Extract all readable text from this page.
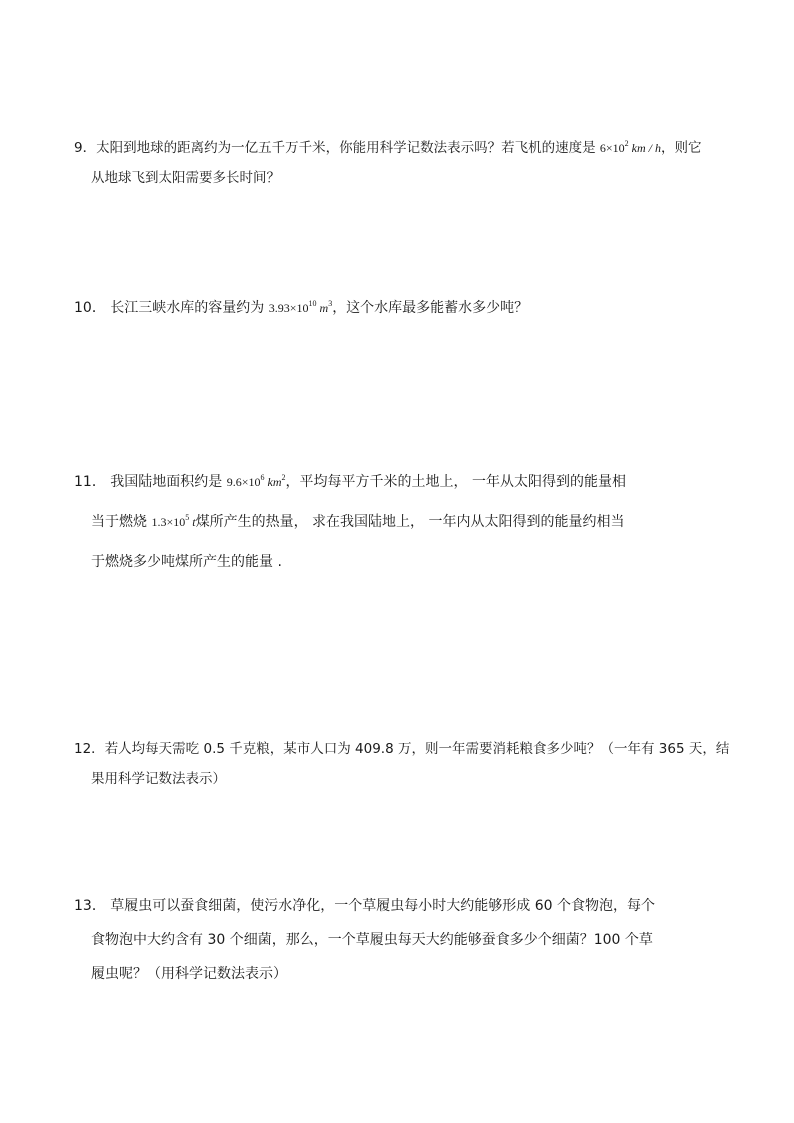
9．太阳到地球的距离约为一亿五千万千米，你能用科学记数法表示吗？若飞机的速度是 $6\times 10^2$ km / h，则它
从地球飞到太阳需要多长时间？
10． 长江三峡水库的容量约为 $3.93\times 10^{10}$ $m^3$，这个水库最多能蓄水多少吨？
11． 我国陆地面积约是 $9.6\times 10^6$ $km^2$，平均每平方千米的土地上， 一年从太阳得到的能量相
当于燃烧 $1.3\times 10^5$ t煤所产生的热量， 求在我国陆地上， 一年内从太阳得到的能量约相当
于燃烧多少吨煤所产生的能量 .
12．若人均每天需吃 0.5 千克粮，某市人口为 409.8 万，则一年需要消耗粮食多少吨？（一年有 365 天，结
果用科学记数法表示）
13． 草履虫可以蚕食细菌，使污水净化，一个草履虫每小时大约能够形成 60 个食物泡，每个
食物泡中大约含有 30 个细菌，那么，一个草履虫每天大约能够蚕食多少个细菌？100 个草
履虫呢？（用科学记数法表示）
